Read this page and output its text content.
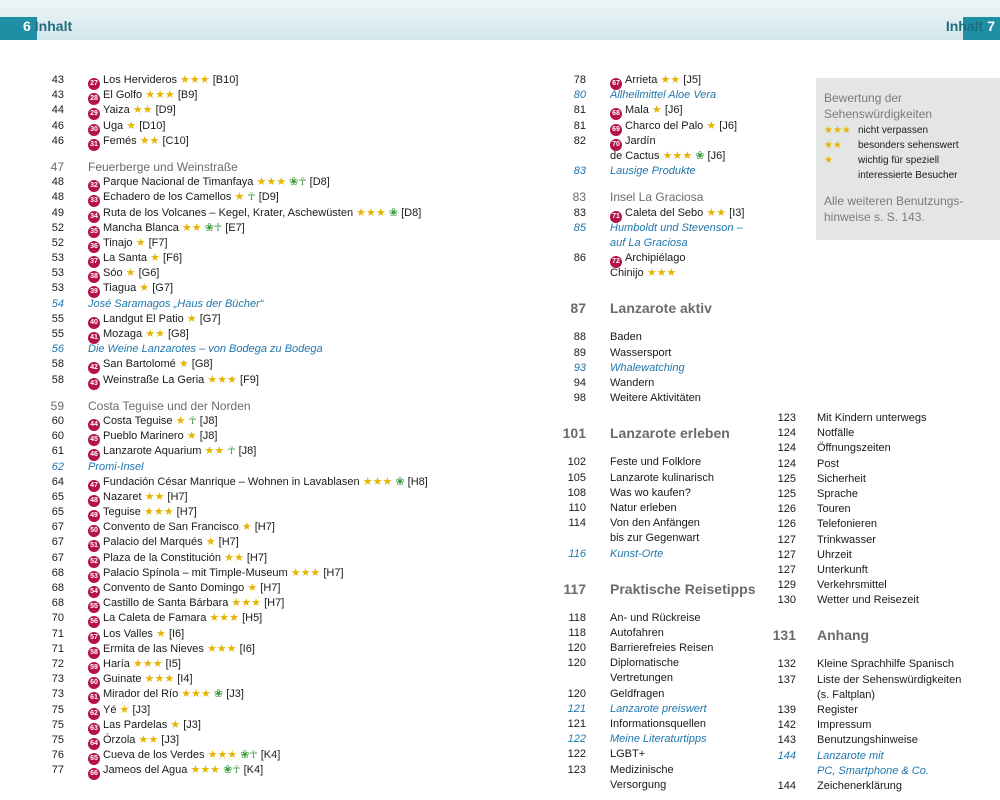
6 Inhalt	Inhalt 7
43	27 Los Hervideros ★★★ [B10]
43	28 El Golfo ★★★ [B9]
44	29 Yaiza ★★ [D9]
46	30 Uga ★ [D10]
46	31 Femés ★★ [C10]
47 Feuerberge und Weinstraße
48	32 Parque Nacional de Timanfaya ★★★ ❀☥ [D8]
48	33 Echadero de los Camellos ★ ☥ [D9]
49	34 Ruta de los Volcanes – Kegel, Krater, Aschewüsten ★★★ ❀ [D8]
52	35 Mancha Blanca ★★ ❀☥ [E7]
52	36 Tinajo ★ [F7]
53	37 La Santa ★ [F6]
53	38 Sóo ★ [G6]
53	39 Tiagua ★ [G7]
54 José Saramagos „Haus der Bücher“
55	40 Landgut El Patio ★ [G7]
55	41 Mozaga ★★ [G8]
56 Die Weine Lanzarotes – von Bodega zu Bodega
58	42 San Bartolomé ★ [G8]
58	43 Weinstraße La Geria ★★★ [F9]
59 Costa Teguise und der Norden
60	44 Costa Teguise ★ ☥ [J8]
60	45 Pueblo Marinero ★ [J8]
61	46 Lanzarote Aquarium ★★ ☥ [J8]
62 Promi-Insel
64	47 Fundación César Manrique – Wohnen in Lavablasen ★★★ ❀ [H8]
65	48 Nazaret ★★ [H7]
65	49 Teguise ★★★ [H7]
67	50 Convento de San Francisco ★ [H7]
67	51 Palacio del Marqués ★ [H7]
67	52 Plaza de la Constitución ★★ [H7]
68	53 Palacio Spínola – mit Timple-Museum ★★★ [H7]
68	54 Convento de Santo Domingo ★ [H7]
68	55 Castillo de Santa Bárbara ★★★ [H7]
70	56 La Caleta de Famara ★★★ [H5]
71	57 Los Valles ★ [I6]
71	58 Ermita de las Nieves ★★★ [I6]
72	59 Haría ★★★ [I5]
73	60 Guinate ★★★ [I4]
73	61 Mirador del Río ★★★ ❀ [J3]
75	62 Yé ★ [J3]
75	63 Las Pardelas ★ [J3]
75	64 Órzola ★★ [J3]
76	65 Cueva de los Verdes ★★★ ❀☥ [K4]
77	66 Jameos del Agua ★★★ ❀☥ [K4]
78	67 Arrieta ★★ [J5]
80 Allheilmittel Aloe Vera
81	68 Mala ★ [J6]
81	69 Charco del Palo ★ [J6]
82	70 Jardín
de Cactus ★★★ ❀ [J6]
83 Lausige Produkte
83 Insel La Graciosa
83	71 Caleta del Sebo ★★ [I3]
85 Humboldt und Stevenson –
auf La Graciosa
86	72 Archipiélago
Chinijo ★★★
87 Lanzarote aktiv
88 Baden
89 Wassersport
93 Whalewatching
94 Wandern
98 Weitere Aktivitäten
101 Lanzarote erleben
102 Feste und Folklore
105 Lanzarote kulinarisch
108 Was wo kaufen?
110 Natur erleben
114 Von den Anfängen
bis zur Gegenwart
116 Kunst-Orte
117 Praktische Reisetipps
118 An- und Rückreise
118 Autofahren
120 Barrierefreies Reisen
120 Diplomatische
Vertretungen
120 Geldfragen
121 Lanzarote preiswert
121 Informationsquellen
122 Meine Literaturtipps
122 LGBT+
123 Medizinische
Versorgung
123 Mit Kindern unterwegs
124 Notfälle
124 Öffnungszeiten
124 Post
125 Sicherheit
125 Sprache
126 Touren
126 Telefonieren
127 Trinkwasser
127 Uhrzeit
127 Unterkunft
129 Verkehrsmittel
130 Wetter und Reisezeit
131 Anhang
132 Kleine Sprachhilfe Spanisch
137 Liste der Sehenswürdigkeiten
(s. Faltplan)
139 Register
142 Impressum
143 Benutzungshinweise
144 Lanzarote mit
PC, Smartphone & Co.
144 Zeichenerklärung
Bewertung der Sehenswürdigkeiten
★★★ nicht verpassen
★★ besonders sehenswert
★	wichtig für speziell
interessierte Besucher
Alle weiteren Benutzungshinweise s. S. 143.
